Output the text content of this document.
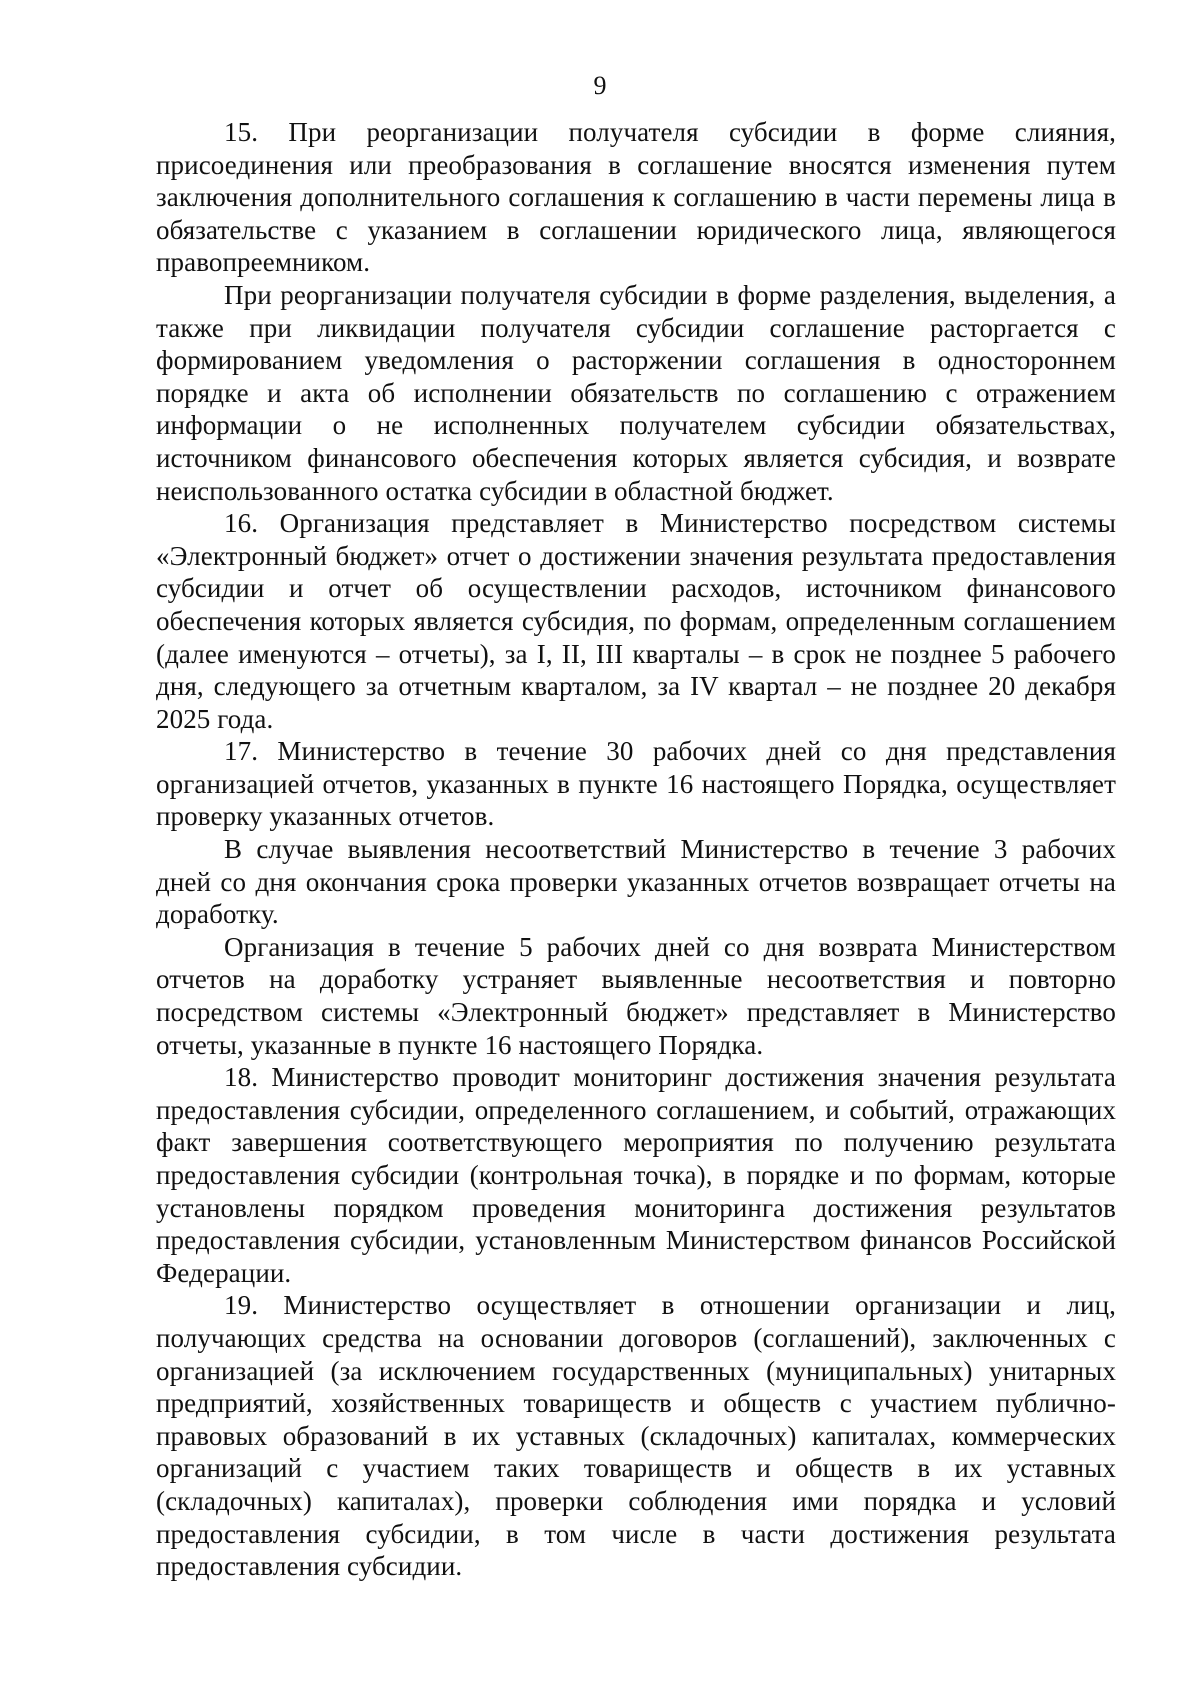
9

15. При реорганизации получателя субсидии в форме слияния, присоединения или преобразования в соглашение вносятся изменения путем заключения дополнительного соглашения к соглашению в части перемены лица в обязательстве с указанием в соглашении юридического лица, являющегося правопреемником.

При реорганизации получателя субсидии в форме разделения, выделения, а также при ликвидации получателя субсидии соглашение расторгается с формированием уведомления о расторжении соглашения в одностороннем порядке и акта об исполнении обязательств по соглашению с отражением информации о не исполненных получателем субсидии обязательствах, источником финансового обеспечения которых является субсидия, и возврате неиспользованного остатка субсидии в областной бюджет.

16. Организация представляет в Министерство посредством системы «Электронный бюджет» отчет о достижении значения результата предоставления субсидии и отчет об осуществлении расходов, источником финансового обеспечения которых является субсидия, по формам, определенным соглашением (далее именуются – отчеты), за I, II, III кварталы – в срок не позднее 5 рабочего дня, следующего за отчетным кварталом, за IV квартал – не позднее 20 декабря 2025 года.

17. Министерство в течение 30 рабочих дней со дня представления организацией отчетов, указанных в пункте 16 настоящего Порядка, осуществляет проверку указанных отчетов.

В случае выявления несоответствий Министерство в течение 3 рабочих дней со дня окончания срока проверки указанных отчетов возвращает отчеты на доработку.

Организация в течение 5 рабочих дней со дня возврата Министерством отчетов на доработку устраняет выявленные несоответствия и повторно посредством системы «Электронный бюджет» представляет в Министерство отчеты, указанные в пункте 16 настоящего Порядка.

18. Министерство проводит мониторинг достижения значения результата предоставления субсидии, определенного соглашением, и событий, отражающих факт завершения соответствующего мероприятия по получению результата предоставления субсидии (контрольная точка), в порядке и по формам, которые установлены порядком проведения мониторинга достижения результатов предоставления субсидии, установленным Министерством финансов Российской Федерации.

19. Министерство осуществляет в отношении организации и лиц, получающих средства на основании договоров (соглашений), заключенных с организацией (за исключением государственных (муниципальных) унитарных предприятий, хозяйственных товариществ и обществ с участием публично-правовых образований в их уставных (складочных) капиталах, коммерческих организаций с участием таких товариществ и обществ в их уставных (складочных) капиталах), проверки соблюдения ими порядка и условий предоставления субсидии, в том числе в части достижения результата предоставления субсидии.
